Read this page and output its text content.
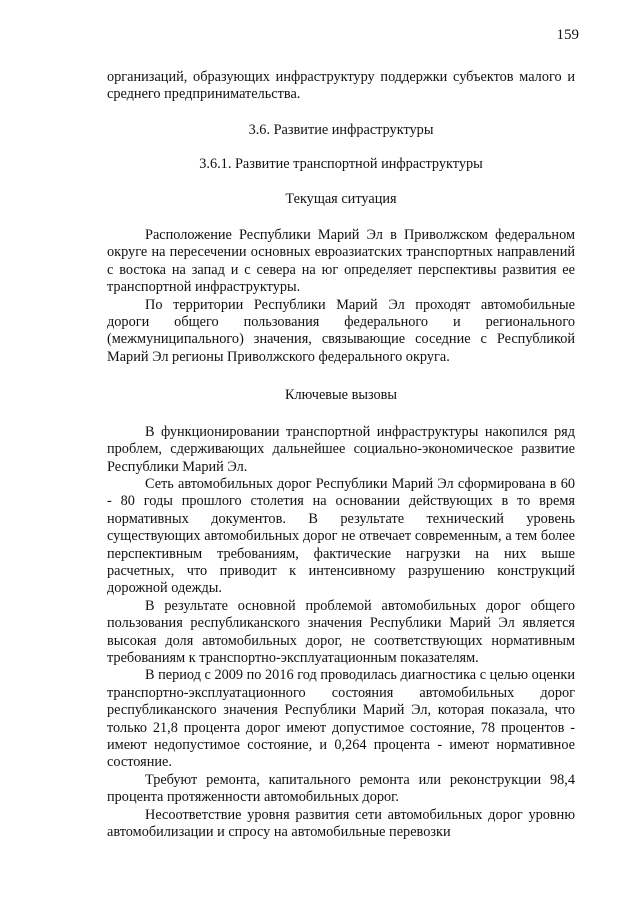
159

организаций, образующих инфраструктуру поддержки субъектов малого и среднего предпринимательства.

3.6. Развитие инфраструктуры

3.6.1. Развитие транспортной инфраструктуры

Текущая ситуация

Расположение Республики Марий Эл в Приволжском федеральном округе на пересечении основных евроазиатских транспортных направлений с востока на запад и с севера на юг определяет перспективы развития ее транспортной инфраструктуры.

По территории Республики Марий Эл проходят автомобильные дороги общего пользования федерального и регионального (межмуниципального) значения, связывающие соседние с Республикой Марий Эл регионы Приволжского федерального округа.

Ключевые вызовы

В функционировании транспортной инфраструктуры накопился ряд проблем, сдерживающих дальнейшее социально-экономическое развитие Республики Марий Эл.

Сеть автомобильных дорог Республики Марий Эл сформирована в 60 - 80 годы прошлого столетия на основании действующих в то время нормативных документов. В результате технический уровень существующих автомобильных дорог не отвечает современным, а тем более перспективным требованиям, фактические нагрузки на них выше расчетных, что приводит к интенсивному разрушению конструкций дорожной одежды.

В результате основной проблемой автомобильных дорог общего пользования республиканского значения Республики Марий Эл является высокая доля автомобильных дорог, не соответствующих нормативным требованиям к транспортно-эксплуатационным показателям.

В период с 2009 по 2016 год проводилась диагностика с целью оценки транспортно-эксплуатационного состояния автомобильных дорог республиканского значения Республики Марий Эл, которая показала, что только 21,8 процента дорог имеют допустимое состояние, 78 процентов - имеют недопустимое состояние, и 0,264 процента - имеют нормативное состояние.

Требуют ремонта, капитального ремонта или реконструкции 98,4 процента протяженности автомобильных дорог.

Несоответствие уровня развития сети автомобильных дорог уровню автомобилизации и спросу на автомобильные перевозки
